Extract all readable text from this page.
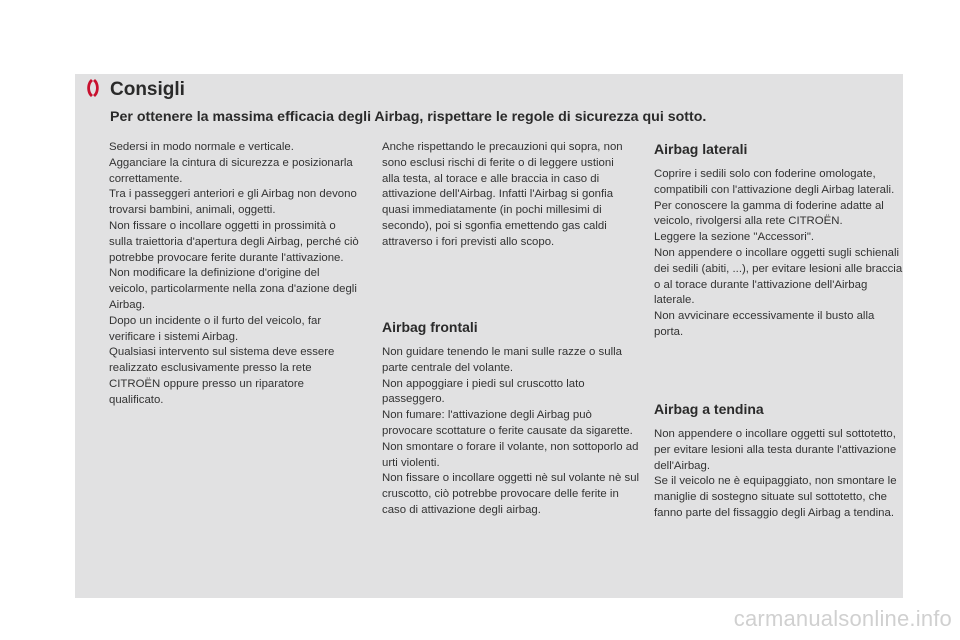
Consigli
Per ottenere la massima efficacia degli Airbag, rispettare le regole di sicurezza qui sotto.

Sedersi in modo normale e verticale.
Agganciare la cintura di sicurezza e posizionarla correttamente.
Tra i passeggeri anteriori e gli Airbag non devono trovarsi bambini, animali, oggetti.
Non fissare o incollare oggetti in prossimità o sulla traiettoria d'apertura degli Airbag, perché ciò potrebbe provocare ferite durante l'attivazione.
Non modificare la definizione d'origine del veicolo, particolarmente nella zona d'azione degli Airbag.
Dopo un incidente o il furto del veicolo, far verificare i sistemi Airbag.
Qualsiasi intervento sul sistema deve essere realizzato esclusivamente presso la rete CITROËN oppure presso un riparatore qualificato.

Anche rispettando le precauzioni qui sopra, non sono esclusi rischi di ferite o di leggere ustioni alla testa, al torace e alle braccia in caso di attivazione dell'Airbag. Infatti l'Airbag si gonfia quasi immediatamente (in pochi millesimi di secondo), poi si sgonfia emettendo gas caldi attraverso i fori previsti allo scopo.

Airbag frontali

Non guidare tenendo le mani sulle razze o sulla parte centrale del volante.
Non appoggiare i piedi sul cruscotto lato passeggero.
Non fumare: l'attivazione degli Airbag può provocare scottature o ferite causate da sigarette.
Non smontare o forare il volante, non sottoporlo ad urti violenti.
Non fissare o incollare oggetti nè sul volante nè sul cruscotto, ciò potrebbe provocare delle ferite in caso di attivazione degli airbag.

Airbag laterali

Coprire i sedili solo con foderine omologate, compatibili con l'attivazione degli Airbag laterali. Per conoscere la gamma di foderine adatte al veicolo, rivolgersi alla rete CITROËN.
Leggere la sezione "Accessori".
Non appendere o incollare oggetti sugli schienali dei sedili (abiti, ...), per evitare lesioni alle braccia o al torace durante l'attivazione dell'Airbag laterale.
Non avvicinare eccessivamente il busto alla porta.

Airbag a tendina

Non appendere o incollare oggetti sul sottotetto, per evitare lesioni alla testa durante l'attivazione dell'Airbag.
Se il veicolo ne è equipaggiato, non smontare le maniglie di sostegno situate sul sottotetto, che fanno parte del fissaggio degli Airbag a tendina.

carmanualsonline.info
